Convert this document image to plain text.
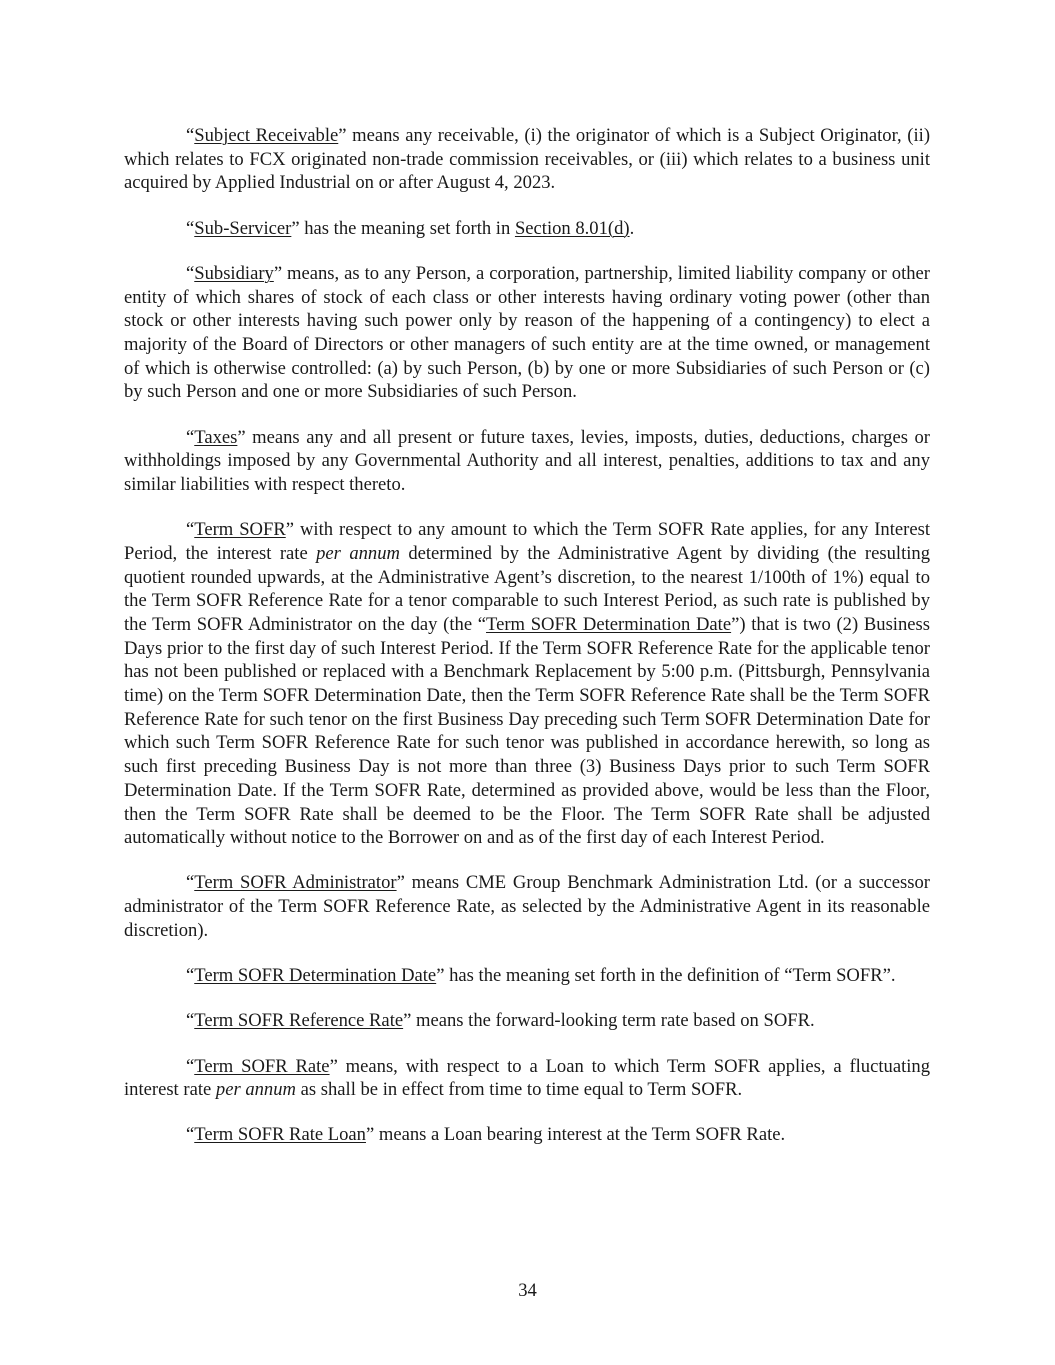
“Subject Receivable” means any receivable, (i) the originator of which is a Subject Originator, (ii) which relates to FCX originated non-trade commission receivables, or (iii) which relates to a business unit acquired by Applied Industrial on or after August 4, 2023.

“Sub-Servicer” has the meaning set forth in Section 8.01(d).

“Subsidiary” means, as to any Person, a corporation, partnership, limited liability company or other entity of which shares of stock of each class or other interests having ordinary voting power (other than stock or other interests having such power only by reason of the happening of a contingency) to elect a majority of the Board of Directors or other managers of such entity are at the time owned, or management of which is otherwise controlled: (a) by such Person, (b) by one or more Subsidiaries of such Person or (c) by such Person and one or more Subsidiaries of such Person.

“Taxes” means any and all present or future taxes, levies, imposts, duties, deductions, charges or withholdings imposed by any Governmental Authority and all interest, penalties, additions to tax and any similar liabilities with respect thereto.

“Term SOFR” with respect to any amount to which the Term SOFR Rate applies, for any Interest Period, the interest rate per annum determined by the Administrative Agent by dividing (the resulting quotient rounded upwards, at the Administrative Agent’s discretion, to the nearest 1/100th of 1%) equal to the Term SOFR Reference Rate for a tenor comparable to such Interest Period, as such rate is published by the Term SOFR Administrator on the day (the “Term SOFR Determination Date”) that is two (2) Business Days prior to the first day of such Interest Period. If the Term SOFR Reference Rate for the applicable tenor has not been published or replaced with a Benchmark Replacement by 5:00 p.m. (Pittsburgh, Pennsylvania time) on the Term SOFR Determination Date, then the Term SOFR Reference Rate shall be the Term SOFR Reference Rate for such tenor on the first Business Day preceding such Term SOFR Determination Date for which such Term SOFR Reference Rate for such tenor was published in accordance herewith, so long as such first preceding Business Day is not more than three (3) Business Days prior to such Term SOFR Determination Date. If the Term SOFR Rate, determined as provided above, would be less than the Floor, then the Term SOFR Rate shall be deemed to be the Floor. The Term SOFR Rate shall be adjusted automatically without notice to the Borrower on and as of the first day of each Interest Period.

“Term SOFR Administrator” means CME Group Benchmark Administration Ltd. (or a successor administrator of the Term SOFR Reference Rate, as selected by the Administrative Agent in its reasonable discretion).

“Term SOFR Determination Date” has the meaning set forth in the definition of “Term SOFR”.

“Term SOFR Reference Rate” means the forward-looking term rate based on SOFR.

“Term SOFR Rate” means, with respect to a Loan to which Term SOFR applies, a fluctuating interest rate per annum as shall be in effect from time to time equal to Term SOFR.

“Term SOFR Rate Loan” means a Loan bearing interest at the Term SOFR Rate.

34
